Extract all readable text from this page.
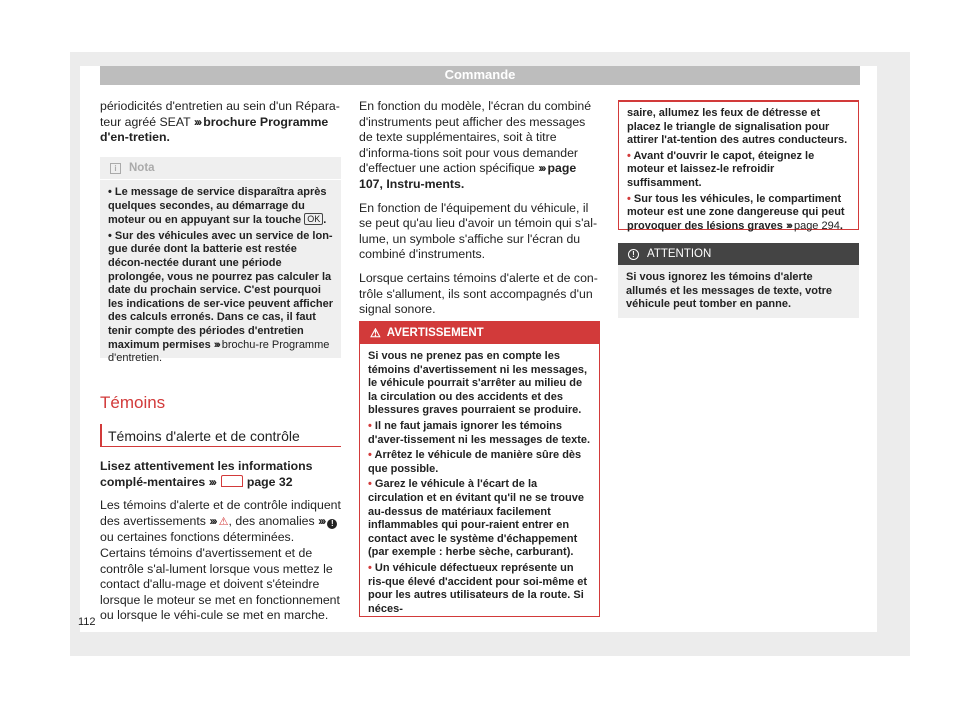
Commande

périodicités d'entretien au sein d'un Répara-teur agréé SEAT ››› brochure Programme d'en-tretien.

i	Nota
• Le message de service disparaîtra après quelques secondes, au démarrage du moteur ou en appuyant sur la touche OK .
• Sur des véhicules avec un service de lon-gue durée dont la batterie est restée décon-nectée durant une période prolongée, vous ne pourrez pas calculer la date du prochain service. C'est pourquoi les indications de ser-vice peuvent afficher des calculs erronés. Dans ce cas, il faut tenir compte des périodes d'entretien maximum permises ››› brochu-re Programme d'entretien.
Témoins
Témoins d'alerte et de contrôle

Lisez attentivement les informations complé-mentaires ›››	page 32

Les témoins d'alerte et de contrôle indiquent des avertissements ››› ⚠, des anomalies ››› ! ou certaines fonctions déterminées. Certains témoins d'avertissement et de contrôle s'al-lument lorsque vous mettez le contact d'allu-mage et doivent s'éteindre lorsque le moteur se met en fonctionnement ou lorsque le véhi-cule se met en marche.

En fonction du modèle, l'écran du combiné d'instruments peut afficher des messages de texte supplémentaires, soit à titre d'informa-tions soit pour vous demander d'effectuer une action spécifique ››› page 107, Instru-ments.

En fonction de l'équipement du véhicule, il se peut qu'au lieu d'avoir un témoin qui s'al-lume, un symbole s'affiche sur l'écran du combiné d'instruments.

Lorsque certains témoins d'alerte et de con-trôle s'allument, ils sont accompagnés d'un signal sonore.

⚠ AVERTISSEMENT
Si vous ne prenez pas en compte les témoins d'avertissement ni les messages, le véhicule pourrait s'arrêter au milieu de la circulation ou des accidents et des blessures graves pourraient se produire.
• Il ne faut jamais ignorer les témoins d'aver-tissement ni les messages de texte.
• Arrêtez le véhicule de manière sûre dès que possible.
• Garez le véhicule à l'écart de la circulation et en évitant qu'il ne se trouve au-dessus de matériaux facilement inflammables qui pour-raient entrer en contact avec le système d'échappement (par exemple : herbe sèche, carburant).
• Un véhicule défectueux représente un ris-que élevé d'accident pour soi-même et pour les autres utilisateurs de la route. Si néces-
saire, allumez les feux de détresse et placez le triangle de signalisation pour attirer l'at-tention des autres conducteurs.
• Avant d'ouvrir le capot, éteignez le moteur et laissez-le refroidir suffisamment.
• Sur tous les véhicules, le compartiment moteur est une zone dangereuse qui peut provoquer des lésions graves ››› page 294.
!	ATTENTION
Si vous ignorez les témoins d'alerte allumés et les messages de texte, votre véhicule peut tomber en panne.
112
